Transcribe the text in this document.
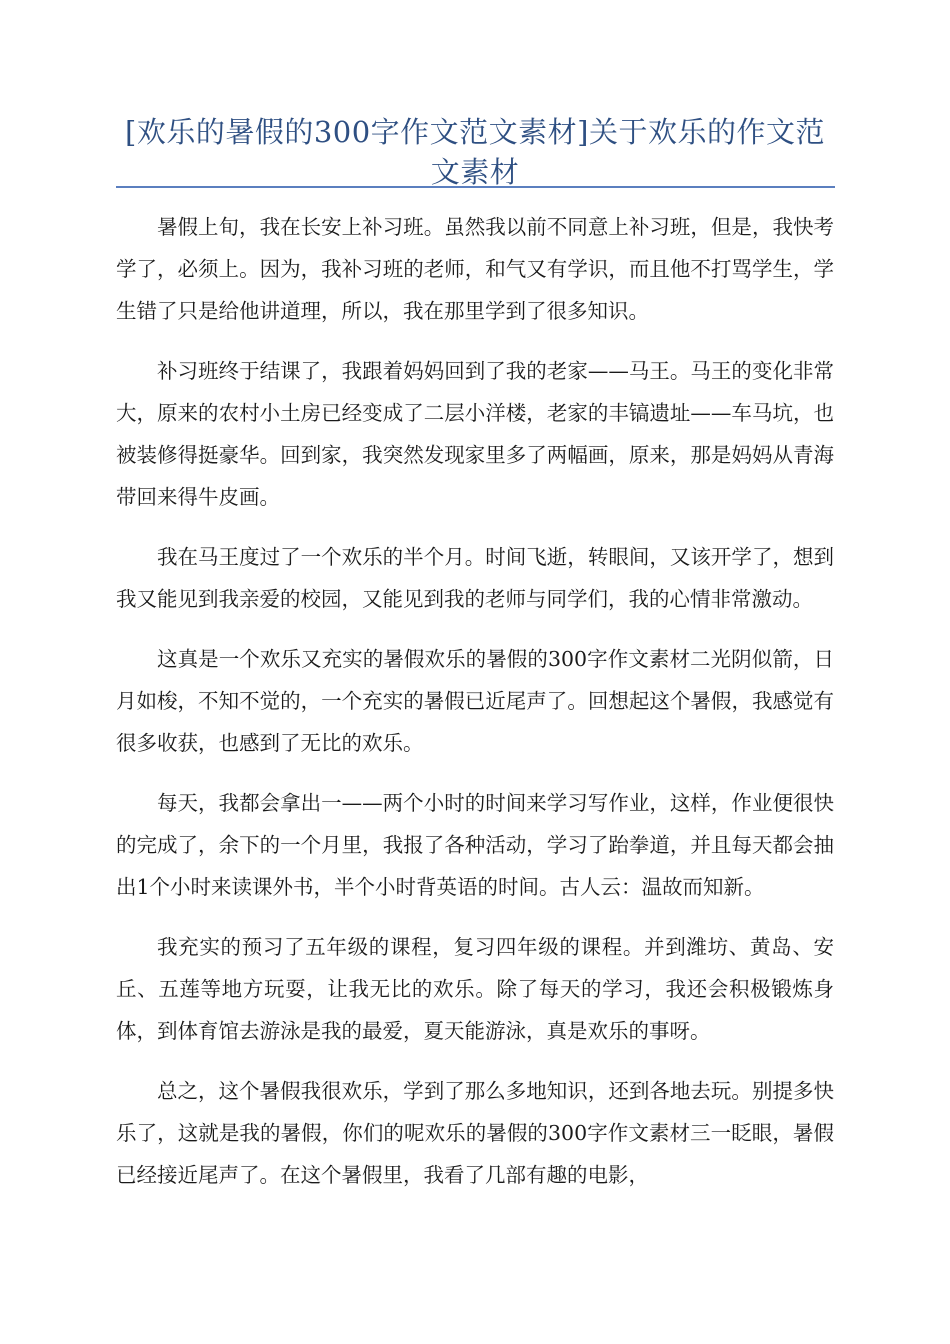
[欢乐的暑假的300字作文范文素材]关于欢乐的作文范文素材

暑假上旬，我在长安上补习班。虽然我以前不同意上补习班，但是，我快考学了，必须上。因为，我补习班的老师，和气又有学识，而且他不打骂学生，学生错了只是给他讲道理，所以，我在那里学到了很多知识。

补习班终于结课了，我跟着妈妈回到了我的老家——马王。马王的变化非常大，原来的农村小土房已经变成了二层小洋楼，老家的丰镐遗址——车马坑，也被装修得挺豪华。回到家，我突然发现家里多了两幅画，原来，那是妈妈从青海带回来得牛皮画。

我在马王度过了一个欢乐的半个月。时间飞逝，转眼间，又该开学了，想到我又能见到我亲爱的校园，又能见到我的老师与同学们，我的心情非常激动。

这真是一个欢乐又充实的暑假欢乐的暑假的300字作文素材二光阴似箭，日月如梭，不知不觉的，一个充实的暑假已近尾声了。回想起这个暑假，我感觉有很多收获，也感到了无比的欢乐。

每天，我都会拿出一——两个小时的时间来学习写作业，这样，作业便很快的完成了，余下的一个月里，我报了各种活动，学习了跆拳道，并且每天都会抽出1个小时来读课外书，半个小时背英语的时间。古人云：温故而知新。

我充实的预习了五年级的课程，复习四年级的课程。并到潍坊、黄岛、安丘、五莲等地方玩耍，让我无比的欢乐。除了每天的学习，我还会积极锻炼身体，到体育馆去游泳是我的最爱，夏天能游泳，真是欢乐的事呀。

总之，这个暑假我很欢乐，学到了那么多地知识，还到各地去玩。别提多快乐了，这就是我的暑假，你们的呢欢乐的暑假的300字作文素材三一眨眼，暑假已经接近尾声了。在这个暑假里，我看了几部有趣的电影，
